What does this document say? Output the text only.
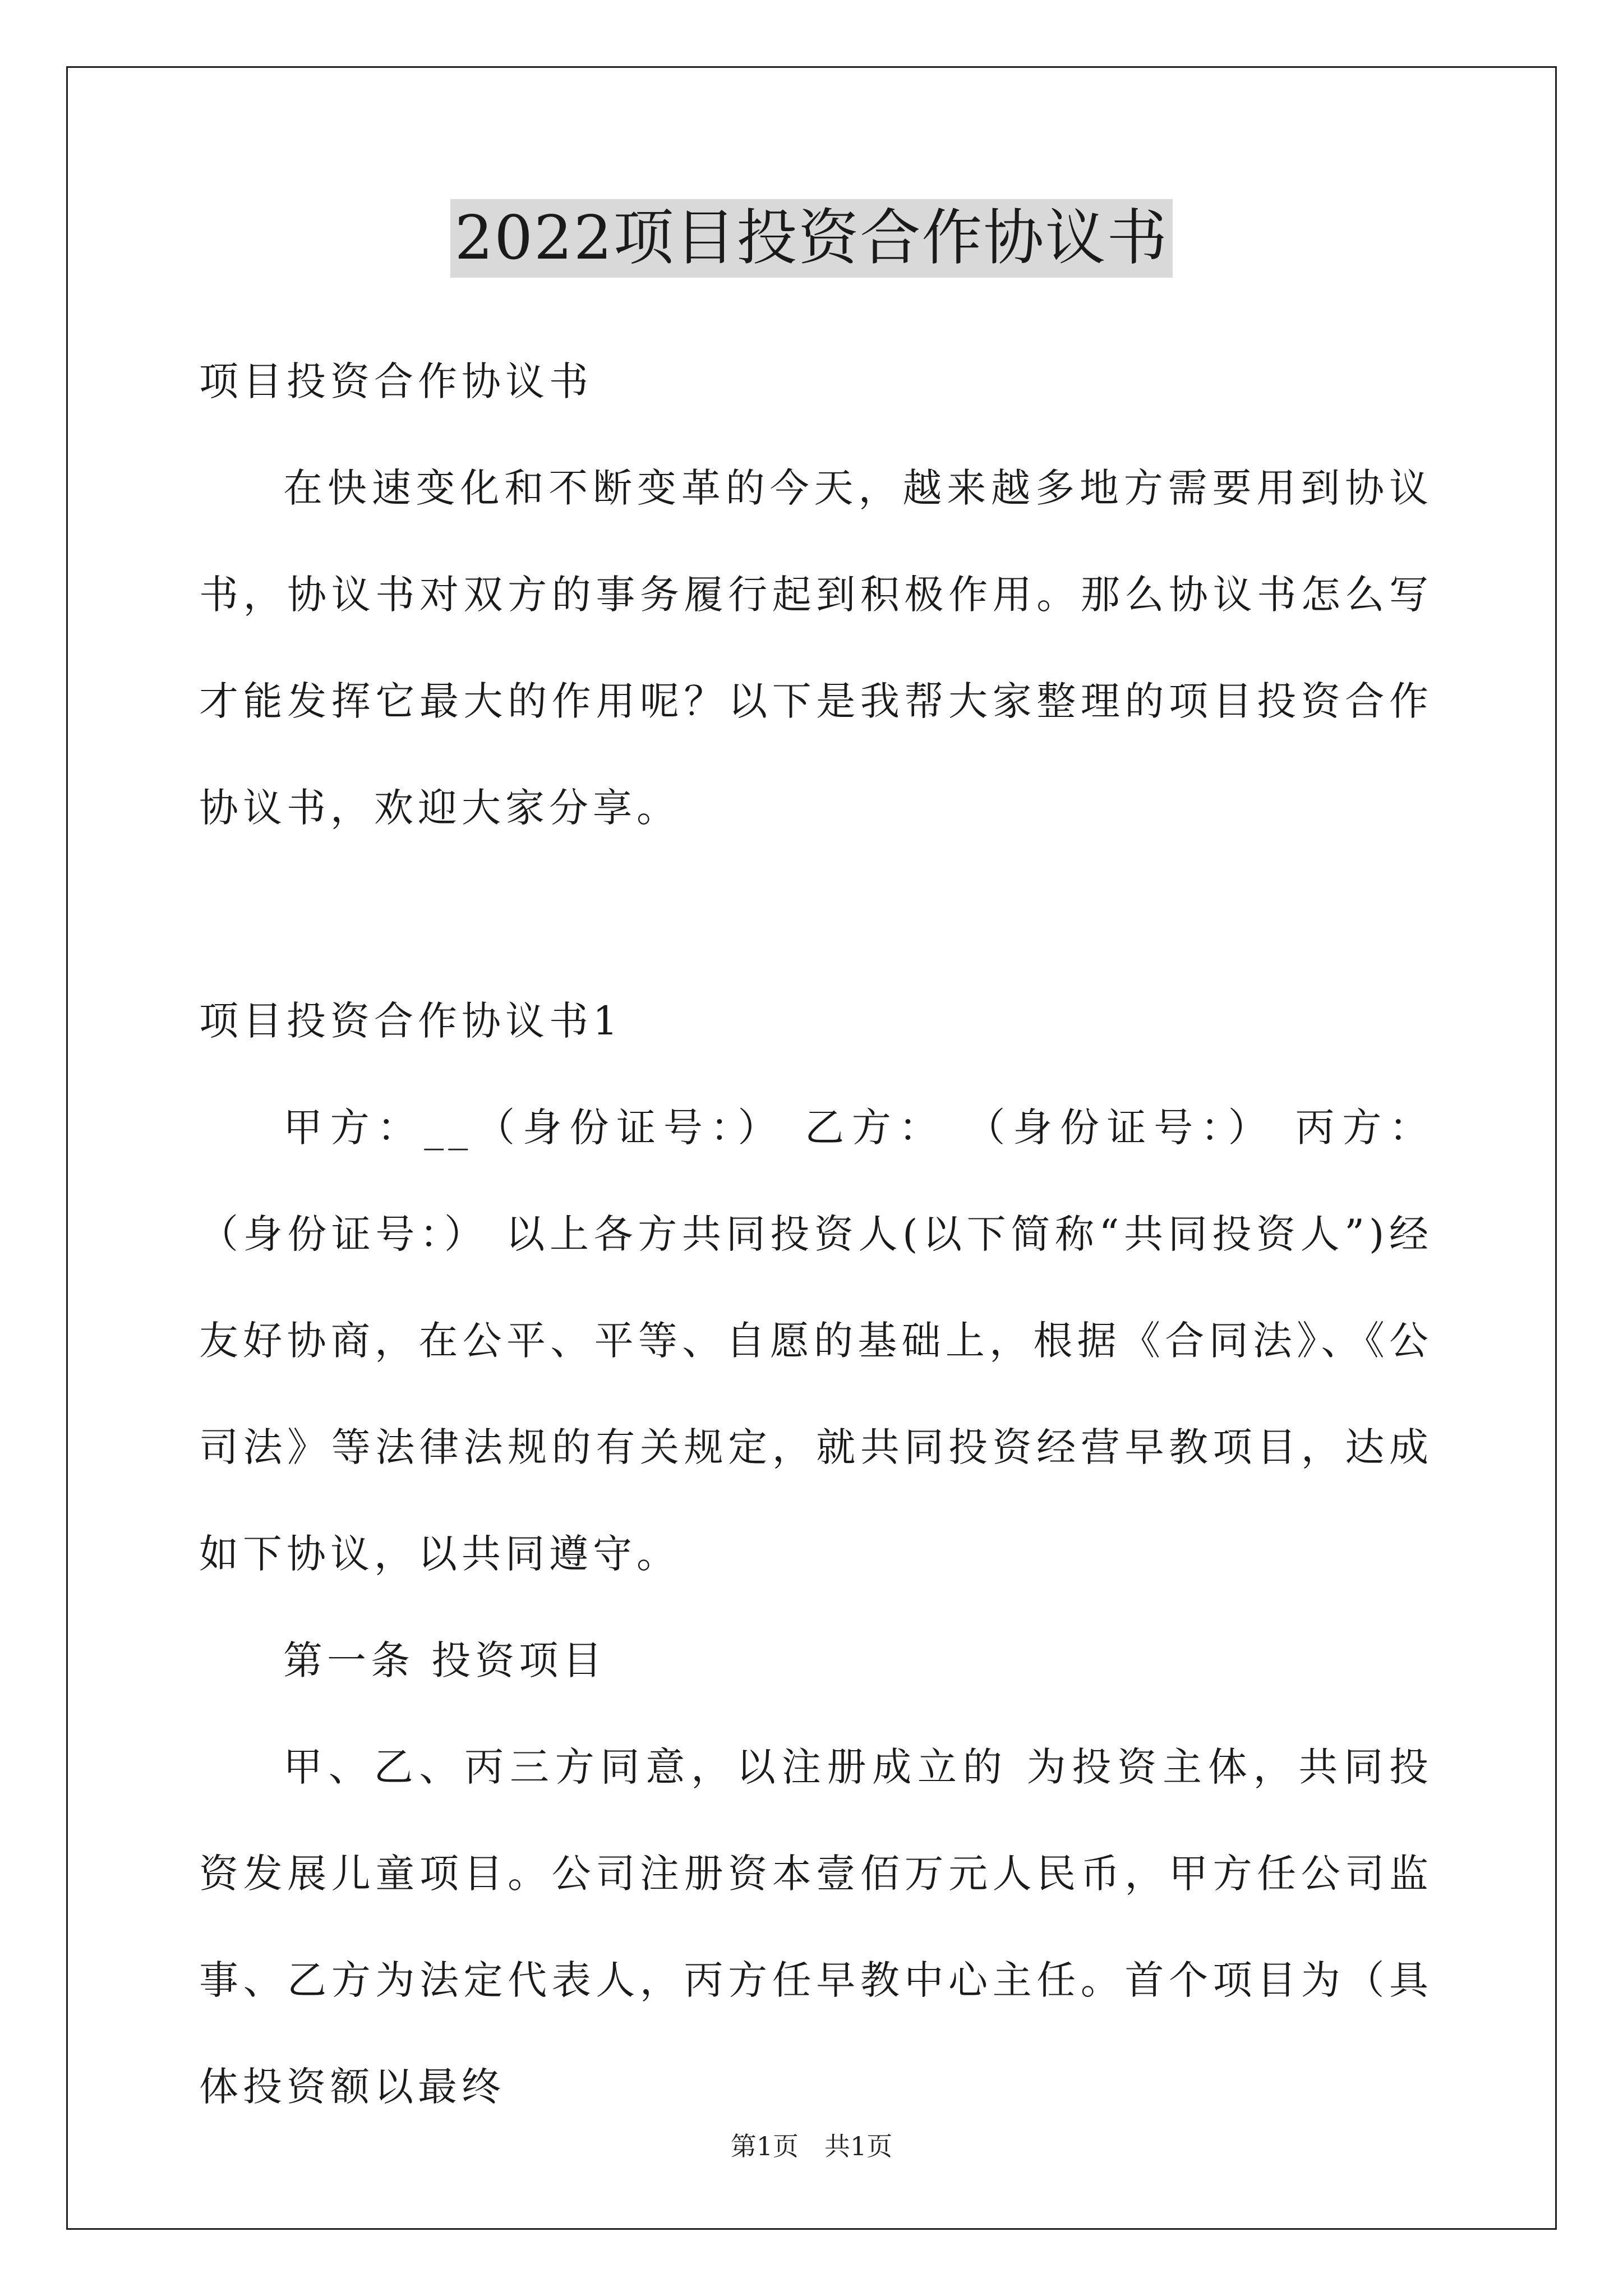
2022项目投资合作协议书

项目投资合作协议书

在快速变化和不断变革的今天，越来越多地方需要用到协议书，协议书对双方的事务履行起到积极作用。那么协议书怎么写才能发挥它最大的作用呢？以下是我帮大家整理的项目投资合作协议书，欢迎大家分享。

项目投资合作协议书1

甲方：__（身份证号：） 乙方： （身份证号：） 丙方： （身份证号：） 以上各方共同投资人(以下简称“共同投资人”)经友好协商，在公平、平等、自愿的基础上，根据《合同法》、《公司法》等法律法规的有关规定，就共同投资经营早教项目，达成如下协议，以共同遵守。

第一条 投资项目

甲、乙、丙三方同意，以注册成立的 为投资主体，共同投资发展儿童项目。公司注册资本壹佰万元人民币，甲方任公司监事、乙方为法定代表人，丙方任早教中心主任。首个项目为（具体投资额以最终

第1页　共1页
